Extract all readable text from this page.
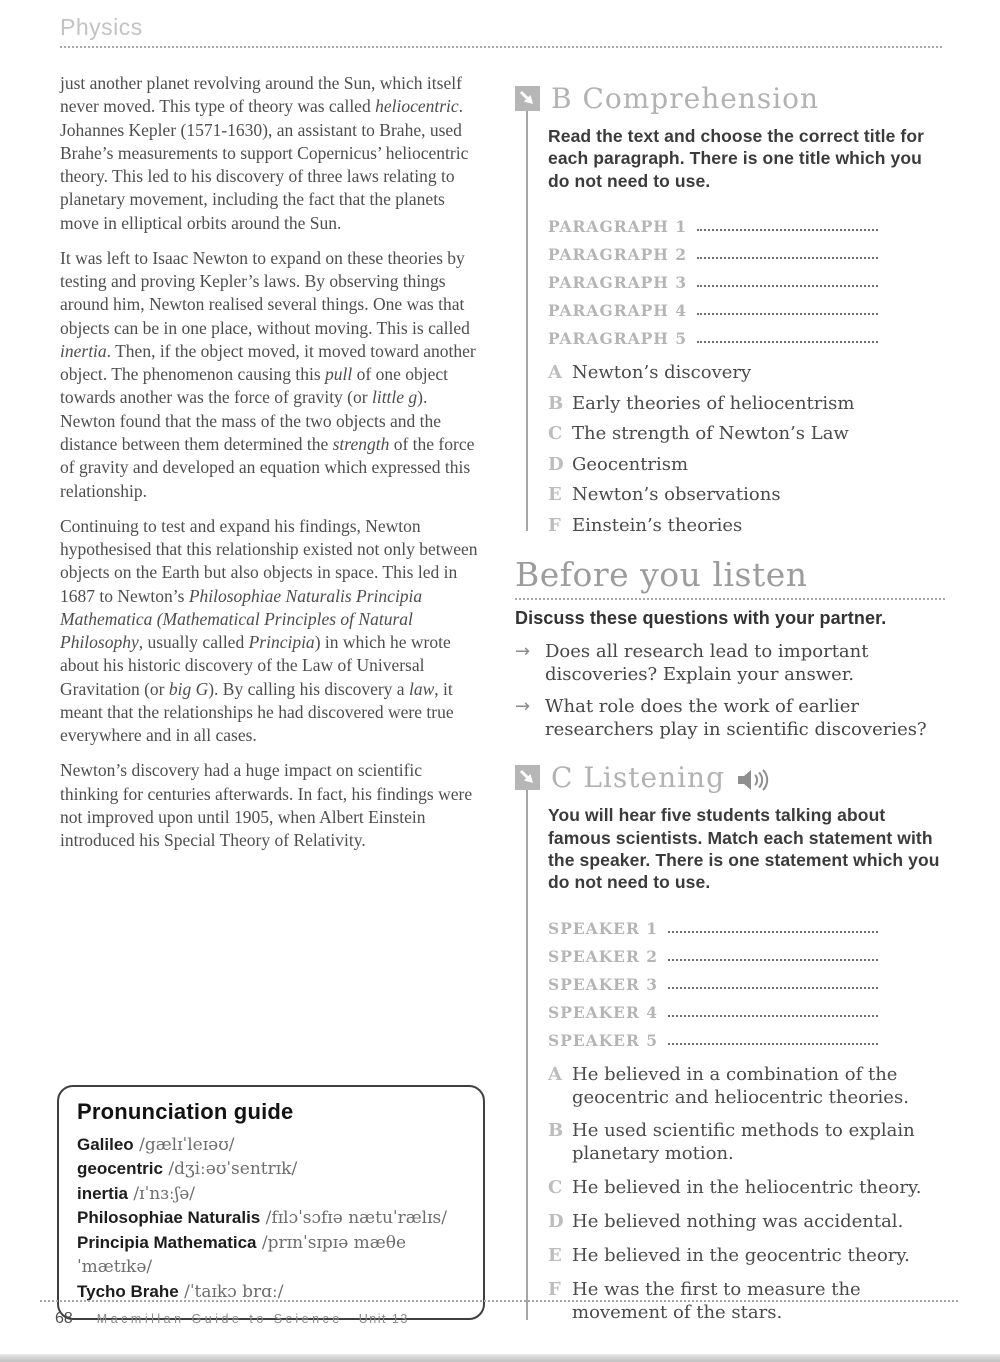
Physics

just another planet revolving around the Sun, which itself never moved. This type of theory was called heliocentric. Johannes Kepler (1571-1630), an assistant to Brahe, used Brahe’s measurements to support Copernicus’ heliocentric theory. This led to his discovery of three laws relating to planetary movement, including the fact that the planets move in elliptical orbits around the Sun.

It was left to Isaac Newton to expand on these theories by testing and proving Kepler’s laws. By observing things around him, Newton realised several things. One was that objects can be in one place, without moving. This is called inertia. Then, if the object moved, it moved toward another object. The phenomenon causing this pull of one object towards another was the force of gravity (or little g). Newton found that the mass of the two objects and the distance between them determined the strength of the force of gravity and developed an equation which expressed this relationship.

Continuing to test and expand his findings, Newton hypothesised that this relationship existed not only between objects on the Earth but also objects in space. This led in 1687 to Newton’s Philosophiae Naturalis Principia Mathematica (Mathematical Principles of Natural Philosophy, usually called Principia) in which he wrote about his historic discovery of the Law of Universal Gravitation (or big G). By calling his discovery a law, it meant that the relationships he had discovered were true everywhere and in all cases.

Newton’s discovery had a huge impact on scientific thinking for centuries afterwards. In fact, his findings were not improved upon until 1905, when Albert Einstein introduced his Special Theory of Relativity.

Pronunciation guide
Galileo /gælɪˈleɪəʊ/
geocentric /dʒiːəʊˈsentrɪk/
inertia /ɪˈnɜːʃə/
Philosophiae Naturalis /fɪlɔˈsɔfɪə nætuˈrælɪs/
Principia Mathematica /prɪnˈsɪpɪə mæθeˈmætɪkə/
Tycho Brahe /ˈtaɪkɔ brɑː/
B Comprehension
Read the text and choose the correct title for each paragraph. There is one title which you do not need to use.
PARAGRAPH 1
PARAGRAPH 2
PARAGRAPH 3
PARAGRAPH 4
PARAGRAPH 5
A Newton’s discovery
B Early theories of heliocentrism
C The strength of Newton’s Law
D Geocentrism
E Newton’s observations
F Einstein’s theories
Before you listen
Discuss these questions with your partner.
→ Does all research lead to important discoveries? Explain your answer.
→ What role does the work of earlier researchers play in scientific discoveries?
C Listening
You will hear five students talking about famous scientists. Match each statement with the speaker. There is one statement which you do not need to use.
SPEAKER 1
SPEAKER 2
SPEAKER 3
SPEAKER 4
SPEAKER 5
A He believed in a combination of the geocentric and heliocentric theories.
B He used scientific methods to explain planetary motion.
C He believed in the heliocentric theory.
D He believed nothing was accidental.
E He believed in the geocentric theory.
F He was the first to measure the movement of the stars.
68 Macmillan Guide to Science Unit 13
